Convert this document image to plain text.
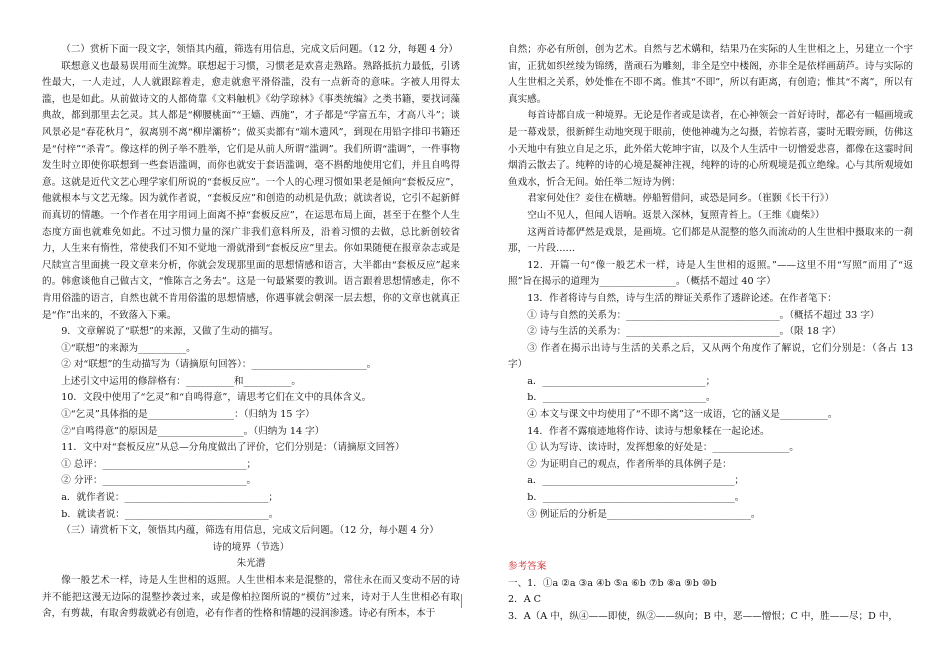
（二）赏析下面一段文字，领悟其内蕴，筛选有用信息，完成文后问题。（12 分，每题 4 分）

联想意义也最易误用而生流弊。联想起于习惯，习惯老是欢喜走熟路。熟路抵抗力最低，引诱性最大，一人走过，人人就跟踪着走，愈走就愈平滑俗滥，没有一点新奇的意味。字被人用得太滥，也是如此。从前做诗文的人都倚靠《文料触机》《幼学琼林》《事类统编》之类书籍，要找词藻典故，都到那里去乞灵。其人都是“柳腰桃面”“王嫱、西施”，才子都是“学富五车，才高八斗”；谈风景必是“春花秋月”，叙离别不离“柳岸灞桥”；做买卖都有“端木遗风”，到现在用铅字排印书籍还是“付梓”“杀青”。像这样的例子举不胜举，它们是从前人所谓“滥调”。我们所谓“滥调”，一件事物发生时立即使你联想到一些套语滥调，而你也就安于套语滥调，毫不斟酌地使用它们，并且自鸣得意。这就是近代文艺心理学家们所说的“套板反应”。一个人的心理习惯如果老是倾向“套板反应”，他就根本与文艺无缘。因为就作者说，“套板反应”和创造的动机是仇敌；就读者说，它引不起新鲜而真切的情趣。一个作者在用字用词上面离不掉“套板反应”，在运思布局上面，甚至于在整个人生态度方面也就难免如此。不过习惯力量的深广非我们意料所及，沿着习惯的去做，总比新创较省力，人生来有惰性，常使我们不知不觉地一滑就滑到“套板反应”里去。你如果随便在报章杂志或是尺牍宣言里面挑一段文章来分析，你就会发现那里面的思想情感和语言，大半都由“套板反应”起来的。韩愈谈他自己做古文，“惟陈言之务去”。这是一句最紧要的教训。语言跟着思想情感走，你不肯用俗滥的语言，自然也就不肯用俗滥的思想情感，你遇事就会朝深一层去想，你的文章也就真正是“作”出来的，不致落入下乘。

9．文章解说了“联想”的来源，又做了生动的描写。

①“联想”的来源为__________。

② 对“联想”的生动描写为（请摘原句回答）：________________________。

上述引文中运用的修辞格有：__________和__________。

10．文段中使用了“乞灵”和“自鸣得意”，请思考它们在文中的具体含义。

①“乞灵”具体指的是__________________：（归纳为 15 字）

②“自鸣得意”的原因是__________________。（归纳为 14 字）

11．文中对“套板反应”从总—分角度做出了评价，它们分别是：（请摘原文回答）

① 总评：______________________________；

② 分评：______________________________。

a．就作者说：______________________________；

b．就读者说：______________________________。

（三）请赏析下文，领悟其内蕴，筛选有用信息，完成文后问题。（12 分，每小题 4 分）

诗的境界（节选）

朱光潜

像一般艺术一样，诗是人生世相的返照。人生世相本来是混整的，常住永在而又变动不居的诗并不能把这漫无边际的混整抄袭过来，或是像柏拉图所说的“模仿”过来，诗对于人生世相必有取舍，有剪裁，有取舍剪裁就必有创造，必有作者的性格和情趣的浸润渗透。诗必有所本，本于

自然；亦必有所创，创为艺术。自然与艺术媾和，结果乃在实际的人生世相之上，另建立一个宇宙，正犹如织丝绫为锦绣，凿顽石为雕刻，非全是空中楼阁，亦非全是依样画葫芦。诗与实际的人生世相之关系，妙处惟在不即不离。惟其“不即”，所以有距离，有创造；惟其“不离”，所以有真实感。

每首诗都自成一种境界。无论是作者或是读者，在心神领会一首好诗时，都必有一幅画境或是一幕戏景，很新鲜生动地突现于眼前，使他神魂为之勾摄，若惊若喜，霎时无暇旁顾，仿佛这小天地中有独立自足之乐，此外偌大乾坤宇宙，以及个人生活中一切憎爱悲喜，都像在这霎时间烟消云散去了。纯粹的诗的心境是凝神注视，纯粹的诗的心所观境是孤立绝缘。心与其所观境如鱼戏水，忻合无间。始任举二短诗为例：

君家何处住？妾住在横塘。停船暂借问，或恐是同乡。（崔颢《长干行》）

空山不见人，但闻人语响。返景入深林，复照青苔上。（王维《鹿柴》）

这两首诗都俨然是戏景，是画境。它们都是从混整的悠久而流动的人生世相中摄取来的一刹那，一片段……

12．开篇一句“像一般艺术一样，诗是人生世相的返照。”——这里不用“写照”而用了“返照”旨在揭示的道理为________________。（概括不超过 40 字）

13．作者将诗与自然，诗与生活的辩证关系作了透辟论述。在作者笔下：

① 诗与自然的关系为：________________________________。（概括不超过 33 字）

② 诗与生活的关系为：________________________________。（限 18 字）

③ 作者在揭示出诗与生活的关系之后，又从两个角度作了解说，它们分别是：（各占 13 字）

a．__________________________________；

b．__________________________________。

④ 本文与课文中均使用了“不即不离”这一成语，它的涵义是__________。

14．作者不露痕迹地将作诗、读诗与想象糅在一起论述。

① 认为写诗、读诗时，发挥想象的好处是：________________。

② 为证明自己的观点，作者所举的具体例子是：

a．________________________________________；

b．________________________________________。

③ 例证后的分析是______________________________。

参考答案

一、1．①a ②a ③a ④b ⑤a ⑥b ⑦b ⑧a ⑨b ⑩b

2．A C

3．A（A 中，纵④——即使，纵②——纵向；B 中，恶——憎恨；C 中，胜——尽；D 中，
